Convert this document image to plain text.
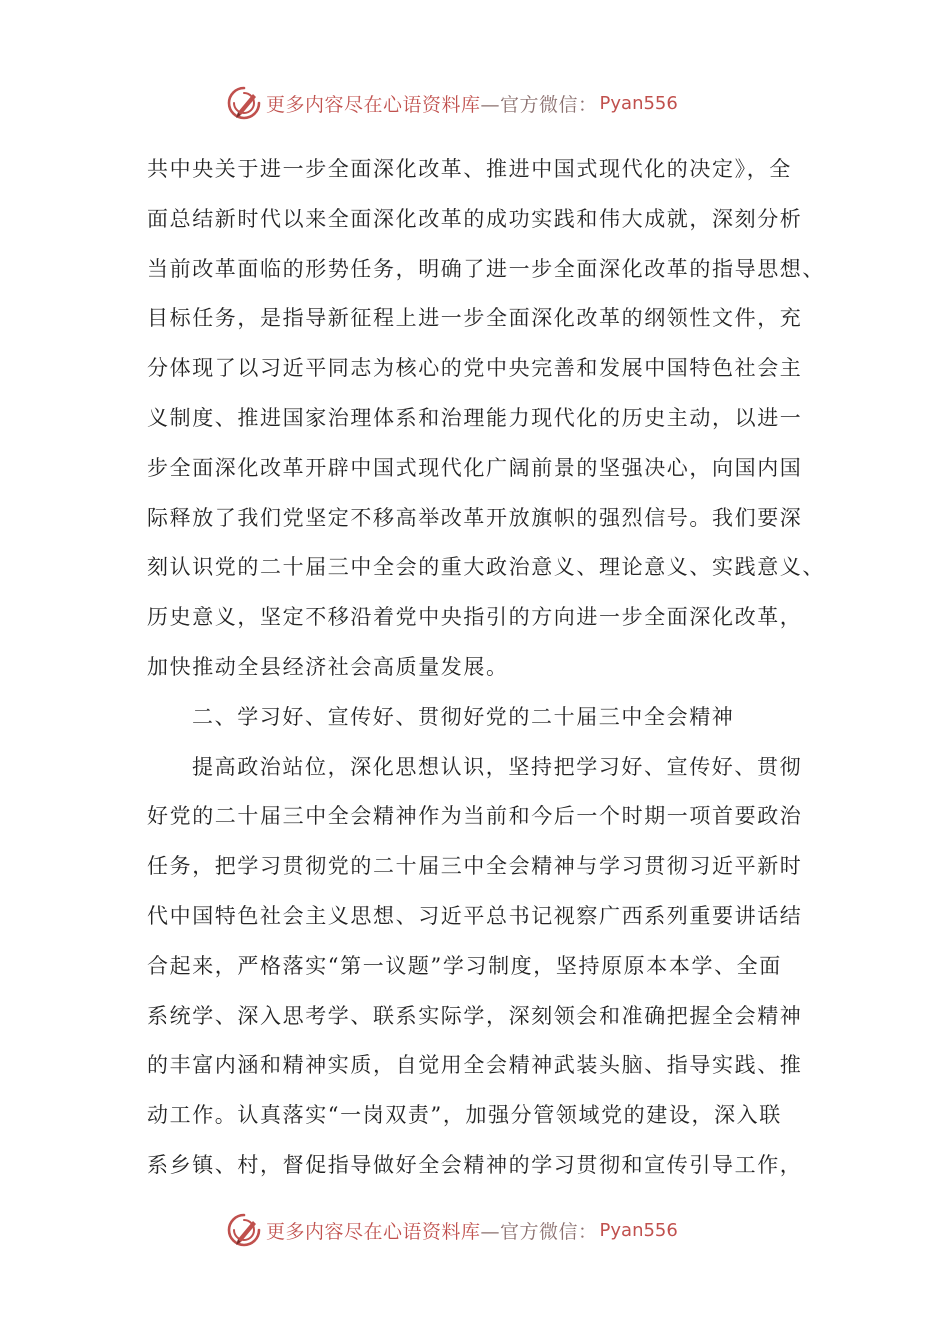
更多内容尽在心语资料库 —官方微信： Pyan556
共中央关于进一步全面深化改革、推进中国式现代化的决定》，全
面总结新时代以来全面深化改革的成功实践和伟大成就，深刻分析
当前改革面临的形势任务，明确了进一步全面深化改革的指导思想、
目标任务，是指导新征程上进一步全面深化改革的纲领性文件，充
分体现了以习近平同志为核心的党中央完善和发展中国特色社会主
义制度、推进国家治理体系和治理能力现代化的历史主动，以进一
步全面深化改革开辟中国式现代化广阔前景的坚强决心，向国内国
际释放了我们党坚定不移高举改革开放旗帜的强烈信号。我们要深
刻认识党的二十届三中全会的重大政治意义、理论意义、实践意义、
历史意义，坚定不移沿着党中央指引的方向进一步全面深化改革，
加快推动全县经济社会高质量发展。
二、学习好、宣传好、贯彻好党的二十届三中全会精神
提高政治站位，深化思想认识，坚持把学习好、宣传好、贯彻
好党的二十届三中全会精神作为当前和今后一个时期一项首要政治
任务，把学习贯彻党的二十届三中全会精神与学习贯彻习近平新时
代中国特色社会主义思想、习近平总书记视察广西系列重要讲话结
合起来，严格落实“第一议题”学习制度，坚持原原本本学、全面
系统学、深入思考学、联系实际学，深刻领会和准确把握全会精神
的丰富内涵和精神实质，自觉用全会精神武装头脑、指导实践、推
动工作。认真落实“一岗双责”，加强分管领域党的建设，深入联
系乡镇、村，督促指导做好全会精神的学习贯彻和宣传引导工作，
更多内容尽在心语资料库 —官方微信： Pyan556
